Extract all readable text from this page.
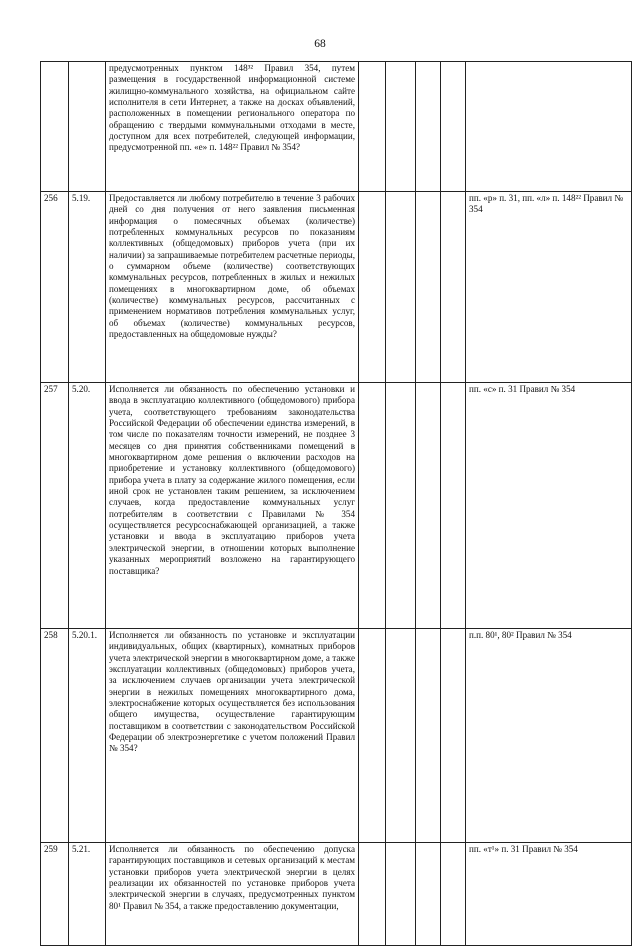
68
		предусмотренных пунктом 148³² Правил 354, путем размещения в государственной информационной системе жилищно-коммунального хозяйства, на официальном сайте исполнителя в сети Интернет, а также на досках объявлений, расположенных в помещении регионального оператора по обращению с твердыми коммунальными отходами в месте, доступном для всех потребителей, следующей информации, предусмотренной пп. «е» п. 148²² Правил № 354?					
256	5.19.	Предоставляется ли любому потребителю в течение 3 рабочих дней со дня получения от него заявления письменная информация о помесячных объемах (количестве) потребленных коммунальных ресурсов по показаниям коллективных (общедомовых) приборов учета (при их наличии) за запрашиваемые потребителем расчетные периоды, о суммарном объеме (количестве) соответствующих коммунальных ресурсов, потребленных в жилых и нежилых помещениях в многоквартирном доме, об объемах (количестве) коммунальных ресурсов, рассчитанных с применением нормативов потребления коммунальных услуг, об объемах (количестве) коммунальных ресурсов, предоставленных на общедомовые нужды?					пп. «р» п. 31, пп. «л» п. 148²² Правил № 354
257	5.20.	Исполняется ли обязанность по обеспечению установки и ввода в эксплуатацию коллективного (общедомового) прибора учета, соответствующего требованиям законодательства Российской Федерации об обеспечении единства измерений, в том числе по показателям точности измерений, не позднее 3 месяцев со дня принятия собственниками помещений в многоквартирном доме решения о включении расходов на приобретение и установку коллективного (общедомового) прибора учета в плату за содержание жилого помещения, если иной срок не установлен таким решением, за исключением случаев, когда предоставление коммунальных услуг потребителям в соответствии с Правилами № 354 осуществляется ресурсоснабжающей организацией, а также установки и ввода в эксплуатацию приборов учета электрической энергии, в отношении которых выполнение указанных мероприятий возложено на гарантирующего поставщика?					пп. «с» п. 31 Правил № 354
258	5.20.1.	Исполняется ли обязанность по установке и эксплуатации индивидуальных, общих (квартирных), комнатных приборов учета электрической энергии в многоквартирном доме, а также эксплуатации коллективных (общедомовых) приборов учета, за исключением случаев организации учета электрической энергии в нежилых помещениях многоквартирного дома, электроснабжение которых осуществляется без использования общего имущества, осуществление гарантирующим поставщиком в соответствии с законодательством Российской Федерации об электроэнергетике с учетом положений Правил № 354?					п.п. 80¹, 80² Правил № 354
259	5.21.	Исполняется ли обязанность по обеспечению допуска гарантирующих поставщиков и сетевых организаций к местам установки приборов учета электрической энергии в целях реализации их обязанностей по установке приборов учета электрической энергии в случаях, предусмотренных пунктом 80¹ Правил № 354, а также предоставлению документации,					пп. «т¹» п. 31 Правил № 354
